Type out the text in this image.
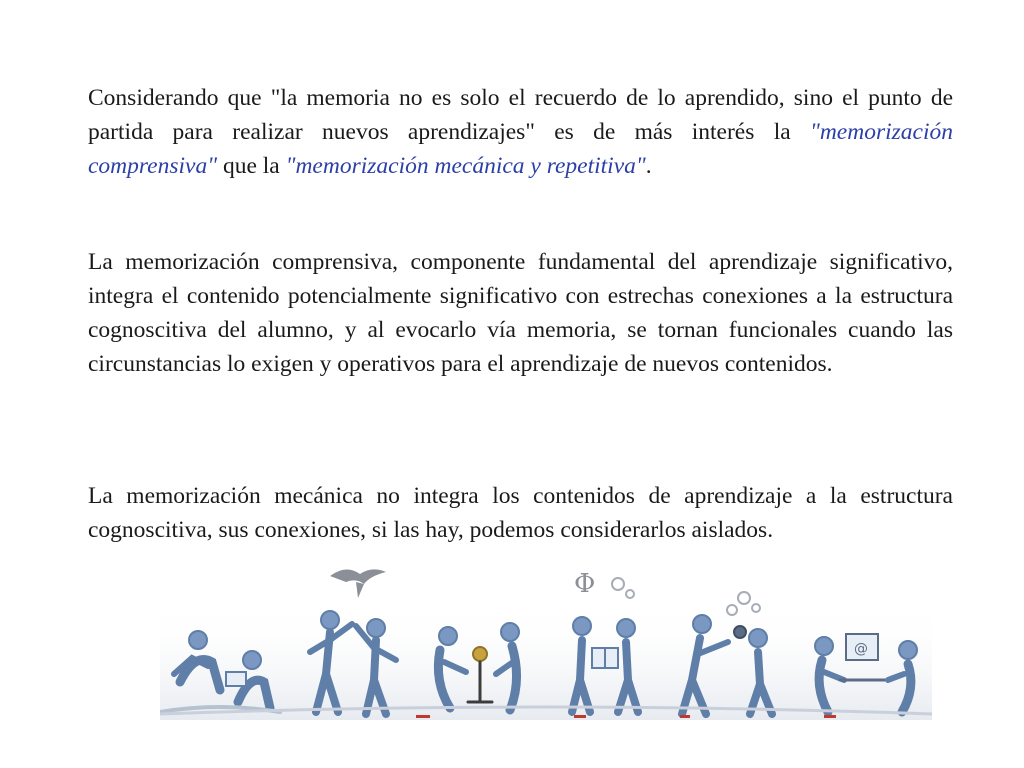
Considerando que "la memoria no es solo el recuerdo de lo aprendido, sino el punto de partida para realizar nuevos aprendizajes" es de más interés la "memorización comprensiva" que la "memorización mecánica y repetitiva".

La memorización comprensiva, componente fundamental del aprendizaje significativo, integra el contenido potencialmente significativo con estrechas conexiones a la estructura cognoscitiva del alumno, y al evocarlo vía memoria, se tornan funcionales cuando las circunstancias lo exigen y operativos para el aprendizaje de nuevos contenidos.

La memorización mecánica no integra los contenidos de aprendizaje a la estructura cognoscitiva, sus conexiones, si las hay, podemos considerarlos aislados.

Φ
@
